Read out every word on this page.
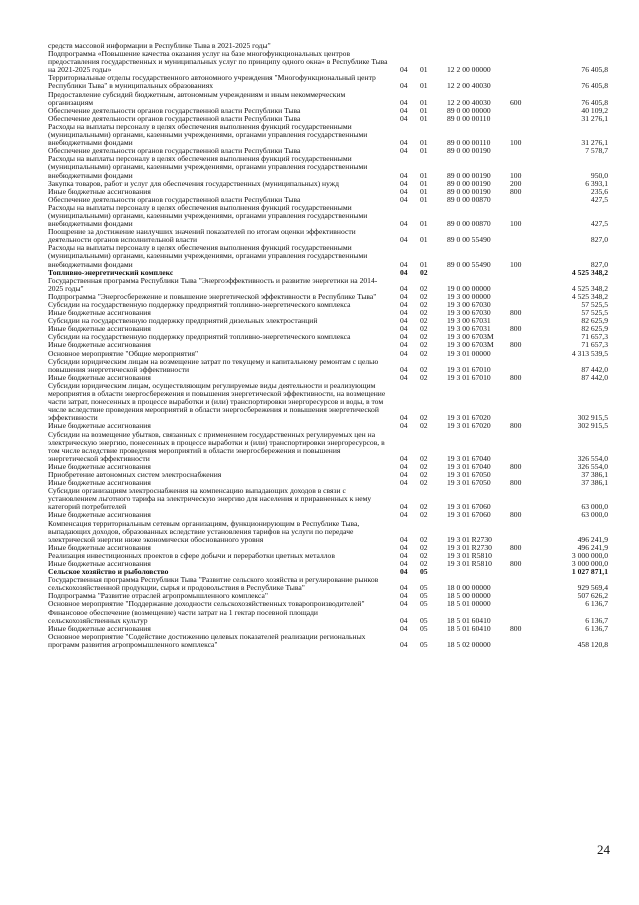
средств массовой информации в Республике Тыва в 2021-2025 годы"
Подпрограмма «Повышение качества оказания услуг на базе многофункциональных центров предоставления государственных и муниципальных услуг по принципу одного окна» в Республике Тыва на 2021-2025 годы»	04 01	12 2 00 00000	76 405,8
Территориальные отделы государственного автономного учреждения "Многофункциональный центр Республики Тыва" в муниципальных образованиях	04 01	12 2 00 40030	76 405,8
Предоставление субсидий бюджетным, автономным учреждениям и иным некоммерческим организациям	04 01	12 2 00 40030	600	76 405,8
Обеспечение деятельности органов государственной власти Республики Тыва	04 01	89 0 00 00000	40 109,2
Обеспечение деятельности органов государственной власти Республики Тыва	04 01	89 0 00 00110	31 276,1
Расходы на выплаты персоналу в целях обеспечения выполнения функций государственными (муниципальными) органами, казенными учреждениями, органами управления государственными внебюджетными фондами	04 01	89 0 00 00110	100	31 276,1
Обеспечение деятельности органов государственной власти Республики Тыва	04 01	89 0 00 00190	7 578,7
Расходы на выплаты персоналу в целях обеспечения выполнения функций государственными (муниципальными) органами, казенными учреждениями, органами управления государственными внебюджетными фондами	04 01	89 0 00 00190	100	950,0
Закупка товаров, работ и услуг для обеспечения государственных (муниципальных) нужд	04 01	89 0 00 00190	200	6 393,1
Иные бюджетные ассигнования	04 01	89 0 00 00190	800	235,6
Обеспечение деятельности органов государственной власти Республики Тыва	04 01	89 0 00 00870	427,5
Расходы на выплаты персоналу в целях обеспечения выполнения функций государственными (муниципальными) органами, казенными учреждениями, органами управления государственными внебюджетными фондами	04 01	89 0 00 00870	100	427,5
Поощрение за достижение наилучших значений показателей по итогам оценки эффективности деятельности органов исполнительной власти	04 01	89 0 00 55490	827,0
Расходы на выплаты персоналу в целях обеспечения выполнения функций государственными (муниципальными) органами, казенными учреждениями, органами управления государственными внебюджетными фондами	04 01	89 0 00 55490	100	827,0
Топливно-энергетический комплекс	04 02	4 525 348,2
Государственная программа Республики Тыва "Энергоэффективность и развитие энергетики на 2014-2025 годы"	04 02	19 0 00 00000	4 525 348,2
Подпрограмма "Энергосбережение и повышение энергетической эффективности в Республике Тыва"	04 02	19 3 00 00000	4 525 348,2
Субсидии на государственную поддержку предприятий топливно-энергетического комплекса	04 02	19 3 00 67030	57 525,5
Иные бюджетные ассигнования	04 02	19 3 00 67030	800	57 525,5
Субсидии на государственную поддержку предприятий дизельных электростанций	04 02	19 3 00 67031	82 625,9
Иные бюджетные ассигнования	04 02	19 3 00 67031	800	82 625,9
Субсидии на государственную поддержку предприятий топливно-энергетического комплекса	04 02	19 3 00 6703M	71 657,3
Иные бюджетные ассигнования	04 02	19 3 00 6703M 800	71 657,3
Основное мероприятие "Общие мероприятия"	04 02	19 3 01 00000	4 313 539,5
Субсидии юридическим лицам на возмещение затрат по текущему и капитальному ремонтам с целью повышения энергетической эффективности	04 02	19 3 01 67010	87 442,0
Иные бюджетные ассигнования	04 02	19 3 01 67010	800	87 442,0
Субсидии юридическим лицам, осуществляющим регулируемые виды деятельности и реализующим мероприятия в области энергосбережения и повышения энергетической эффективности, на возмещение части затрат, понесенных в процессе выработки и (или) транспортировки энергоресурсов и воды, в том числе вследствие проведения мероприятий в области энергосбережения и повышения энергетической эффективности	04 02	19 3 01 67020	302 915,5
Иные бюджетные ассигнования	04 02	19 3 01 67020	800	302 915,5
Субсидии на возмещение убытков, связанных с применением государственных регулируемых цен на электрическую энергию, понесенных в процессе выработки и (или) транспортировки энергоресурсов, в том числе вследствие проведения мероприятий в области энергосбережения и повышения энергетической эффективности	04 02	19 3 01 67040	326 554,0
Иные бюджетные ассигнования	04 02	19 3 01 67040	800	326 554,0
Приобретение автономных систем электроснабжения	04 02	19 3 01 67050	37 386,1
Иные бюджетные ассигнования	04 02	19 3 01 67050	800	37 386,1
Субсидии организациям электроснабжения на компенсацию выпадающих доходов в связи с установлением льготного тарифа на электрическую энергию для населения и приравненных к нему категорий потребителей	04 02	19 3 01 67060	63 000,0
Иные бюджетные ассигнования	04 02	19 3 01 67060	800	63 000,0
Компенсация территориальным сетевым организациям, функционирующим в Республике Тыва, выпадающих доходов, образованных вследствие установления тарифов на услуги по передаче электрической энергии ниже экономически обоснованного уровня	04 02	19 3 01 R2730	496 241,9
Иные бюджетные ассигнования	04 02	19 3 01 R2730 800	496 241,9
Реализация инвестиционных проектов в сфере добычи и переработки цветных металлов	04 02	19 3 01 R5810	3 000 000,0
Иные бюджетные ассигнования	04 02	19 3 01 R5810 800	3 000 000,0
Сельское хозяйство и рыболовство	04 05	1 027 871,1
Государственная программа Республики Тыва "Развитие сельского хозяйства и регулирование рынков сельскохозяйственной продукции, сырья и продовольствия в Республике Тыва"	04 05	18 0 00 00000	929 569,4
Подпрограмма "Развитие отраслей агропромышленного комплекса"	04 05	18 5 00 00000	507 626,2
Основное мероприятие "Поддержание доходности сельскохозяйственных товаропроизводителей"	04 05	18 5 01 00000	6 136,7
Финансовое обеспечение (возмещение) части затрат на 1 гектар посевной площади сельскохозяйственных культур	04 05	18 5 01 60410	6 136,7
Иные бюджетные ассигнования	04 05	18 5 01 60410	800	6 136,7
Основное мероприятие "Содействие достижению целевых показателей реализации региональных программ развития агропромышленного комплекса"	04 05	18 5 02 00000	458 120,8
24
